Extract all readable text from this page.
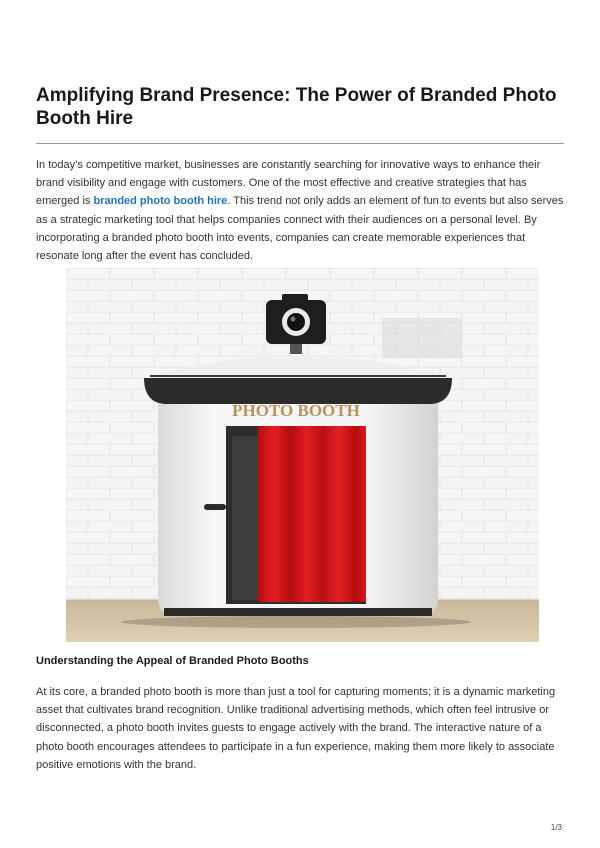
Amplifying Brand Presence: The Power of Branded Photo Booth Hire

In today’s competitive market, businesses are constantly searching for innovative ways to enhance their brand visibility and engage with customers. One of the most effective and creative strategies that has emerged is branded photo booth hire. This trend not only adds an element of fun to events but also serves as a strategic marketing tool that helps companies connect with their audiences on a personal level. By incorporating a branded photo booth into events, companies can create memorable experiences that resonate long after the event has concluded.

PHOTO BOOTH
Understanding the Appeal of Branded Photo Booths

At its core, a branded photo booth is more than just a tool for capturing moments; it is a dynamic marketing asset that cultivates brand recognition. Unlike traditional advertising methods, which often feel intrusive or disconnected, a photo booth invites guests to engage actively with the brand. The interactive nature of a photo booth encourages attendees to participate in a fun experience, making them more likely to associate positive emotions with the brand.

1/3
